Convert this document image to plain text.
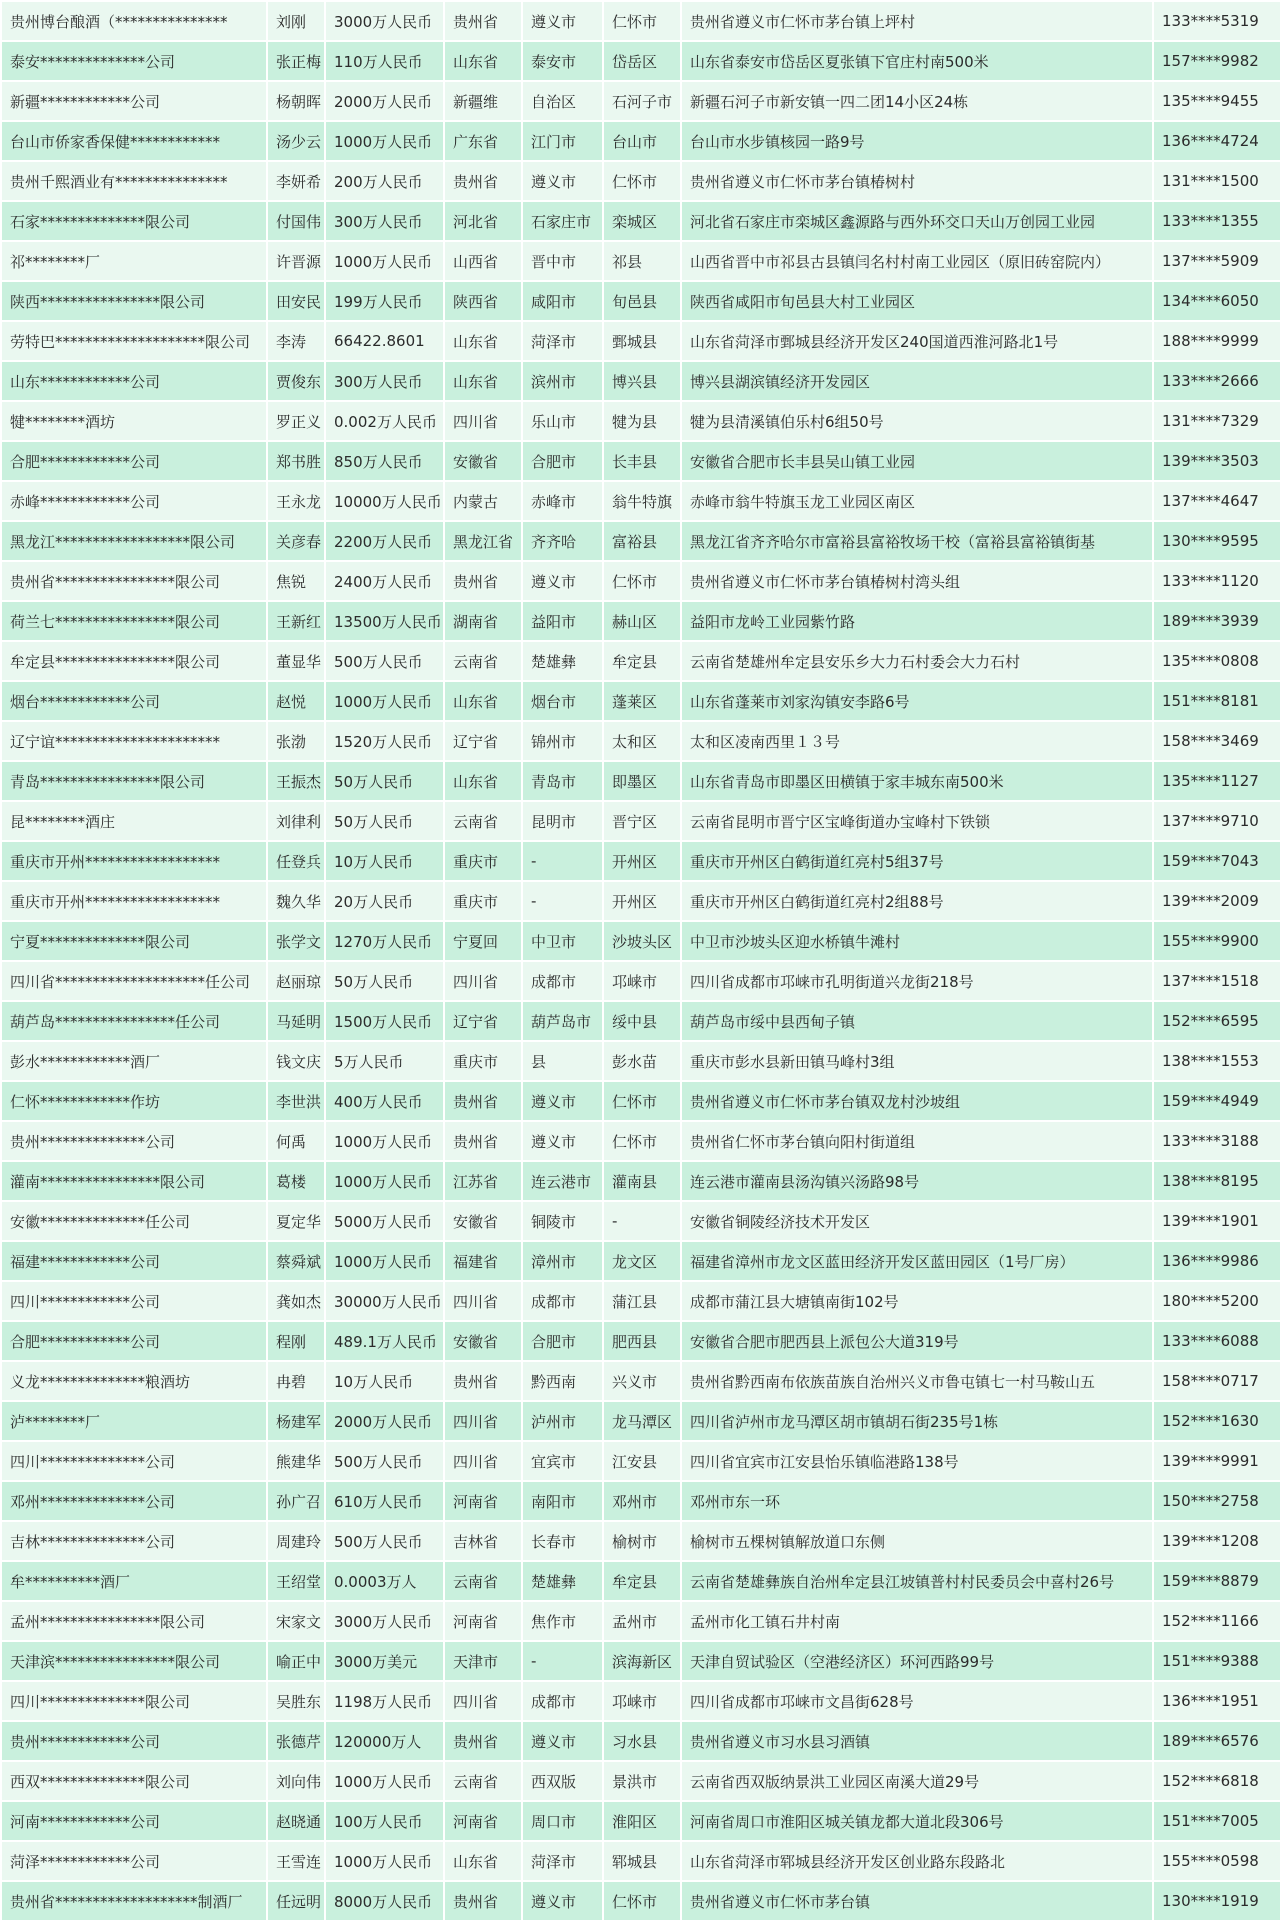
贵州博台酿酒（***************	刘刚	3000万人民币	贵州省	遵义市	仁怀市	贵州省遵义市仁怀市茅台镇上坪村	133****5319
泰安**************公司	张正梅	110万人民币	山东省	泰安市	岱岳区	山东省泰安市岱岳区夏张镇下官庄村南500米	157****9982
新疆************公司	杨朝晖	2000万人民币	新疆维	自治区	石河子市	新疆石河子市新安镇一四二团14小区24栋	135****9455
台山市侨家香保健************	汤少云	1000万人民币	广东省	江门市	台山市	台山市水步镇核园一路9号	136****4724
贵州千熙酒业有***************	李妍希	200万人民币	贵州省	遵义市	仁怀市	贵州省遵义市仁怀市茅台镇椿树村	131****1500
石家**************限公司	付国伟	300万人民币	河北省	石家庄市	栾城区	河北省石家庄市栾城区鑫源路与西外环交口天山万创园工业园	133****1355
祁********厂	许晋源	1000万人民币	山西省	晋中市	祁县	山西省晋中市祁县古县镇闫名村村南工业园区（原旧砖窑院内）	137****5909
陕西****************限公司	田安民	199万人民币	陕西省	咸阳市	旬邑县	陕西省咸阳市旬邑县大村工业园区	134****6050
劳特巴********************限公司	李涛	66422.8601	山东省	菏泽市	鄄城县	山东省菏泽市鄄城县经济开发区240国道西淮河路北1号	188****9999
山东************公司	贾俊东	300万人民币	山东省	滨州市	博兴县	博兴县湖滨镇经济开发园区	133****2666
犍********酒坊	罗正义	0.002万人民币	四川省	乐山市	犍为县	犍为县清溪镇伯乐村6组50号	131****7329
合肥************公司	郑书胜	850万人民币	安徽省	合肥市	长丰县	安徽省合肥市长丰县吴山镇工业园	139****3503
赤峰************公司	王永龙	10000万人民币	内蒙古	赤峰市	翁牛特旗	赤峰市翁牛特旗玉龙工业园区南区	137****4647
黑龙江******************限公司	关彦春	2200万人民币	黑龙江省	齐齐哈	富裕县	黑龙江省齐齐哈尔市富裕县富裕牧场干校（富裕县富裕镇街基	130****9595
贵州省****************限公司	焦锐	2400万人民币	贵州省	遵义市	仁怀市	贵州省遵义市仁怀市茅台镇椿树村湾头组	133****1120
荷兰七****************限公司	王新红	13500万人民币	湖南省	益阳市	赫山区	益阳市龙岭工业园紫竹路	189****3939
牟定县****************限公司	董显华	500万人民币	云南省	楚雄彝	牟定县	云南省楚雄州牟定县安乐乡大力石村委会大力石村	135****0808
烟台************公司	赵悦	1000万人民币	山东省	烟台市	蓬莱区	山东省蓬莱市刘家沟镇安李路6号	151****8181
辽宁谊**********************	张渤	1520万人民币	辽宁省	锦州市	太和区	太和区凌南西里１３号	158****3469
青岛****************限公司	王振杰	50万人民币	山东省	青岛市	即墨区	山东省青岛市即墨区田横镇于家丰城东南500米	135****1127
昆********酒庄	刘律利	50万人民币	云南省	昆明市	晋宁区	云南省昆明市晋宁区宝峰街道办宝峰村下铁锁	137****9710
重庆市开州******************	任登兵	10万人民币	重庆市	-	开州区	重庆市开州区白鹤街道红亮村5组37号	159****7043
重庆市开州******************	魏久华	20万人民币	重庆市	-	开州区	重庆市开州区白鹤街道红亮村2组88号	139****2009
宁夏**************限公司	张学文	1270万人民币	宁夏回	中卫市	沙坡头区	中卫市沙坡头区迎水桥镇牛滩村	155****9900
四川省********************任公司	赵丽琼	50万人民币	四川省	成都市	邛崃市	四川省成都市邛崃市孔明街道兴龙街218号	137****1518
葫芦岛****************任公司	马延明	1500万人民币	辽宁省	葫芦岛市	绥中县	葫芦岛市绥中县西甸子镇	152****6595
彭水************酒厂	钱文庆	5万人民币	重庆市	县	彭水苗	重庆市彭水县新田镇马峰村3组	138****1553
仁怀************作坊	李世洪	400万人民币	贵州省	遵义市	仁怀市	贵州省遵义市仁怀市茅台镇双龙村沙坡组	159****4949
贵州**************公司	何禹	1000万人民币	贵州省	遵义市	仁怀市	贵州省仁怀市茅台镇向阳村街道组	133****3188
灌南****************限公司	葛楼	1000万人民币	江苏省	连云港市	灌南县	连云港市灌南县汤沟镇兴汤路98号	138****8195
安徽**************任公司	夏定华	5000万人民币	安徽省	铜陵市	-	安徽省铜陵经济技术开发区	139****1901
福建************公司	蔡舜斌	1000万人民币	福建省	漳州市	龙文区	福建省漳州市龙文区蓝田经济开发区蓝田园区（1号厂房）	136****9986
四川************公司	龚如杰	30000万人民币	四川省	成都市	蒲江县	成都市蒲江县大塘镇南街102号	180****5200
合肥************公司	程刚	489.1万人民币	安徽省	合肥市	肥西县	安徽省合肥市肥西县上派包公大道319号	133****6088
义龙**************粮酒坊	冉碧	10万人民币	贵州省	黔西南	兴义市	贵州省黔西南布依族苗族自治州兴义市鲁屯镇七一村马鞍山五	158****0717
泸********厂	杨建军	2000万人民币	四川省	泸州市	龙马潭区	四川省泸州市龙马潭区胡市镇胡石街235号1栋	152****1630
四川**************公司	熊建华	500万人民币	四川省	宜宾市	江安县	四川省宜宾市江安县怡乐镇临港路138号	139****9991
邓州**************公司	孙广召	610万人民币	河南省	南阳市	邓州市	邓州市东一环	150****2758
吉林**************公司	周建玲	500万人民币	吉林省	长春市	榆树市	榆树市五棵树镇解放道口东侧	139****1208
牟**********酒厂	王绍堂	0.0003万人	云南省	楚雄彝	牟定县	云南省楚雄彝族自治州牟定县江坡镇普村村民委员会中喜村26号	159****8879
孟州****************限公司	宋家文	3000万人民币	河南省	焦作市	孟州市	孟州市化工镇石井村南	152****1166
天津滨****************限公司	喻正中	3000万美元	天津市	-	滨海新区	天津自贸试验区（空港经济区）环河西路99号	151****9388
四川**************限公司	吴胜东	1198万人民币	四川省	成都市	邛崃市	四川省成都市邛崃市文昌街628号	136****1951
贵州************公司	张德芹	120000万人	贵州省	遵义市	习水县	贵州省遵义市习水县习酒镇	189****6576
西双**************限公司	刘向伟	1000万人民币	云南省	西双版	景洪市	云南省西双版纳景洪工业园区南溪大道29号	152****6818
河南************公司	赵晓通	100万人民币	河南省	周口市	淮阳区	河南省周口市淮阳区城关镇龙都大道北段306号	151****7005
菏泽************公司	王雪连	1000万人民币	山东省	菏泽市	郓城县	山东省菏泽市郓城县经济开发区创业路东段路北	155****0598
贵州省*******************制酒厂	任远明	8000万人民币	贵州省	遵义市	仁怀市	贵州省遵义市仁怀市茅台镇	130****1919
